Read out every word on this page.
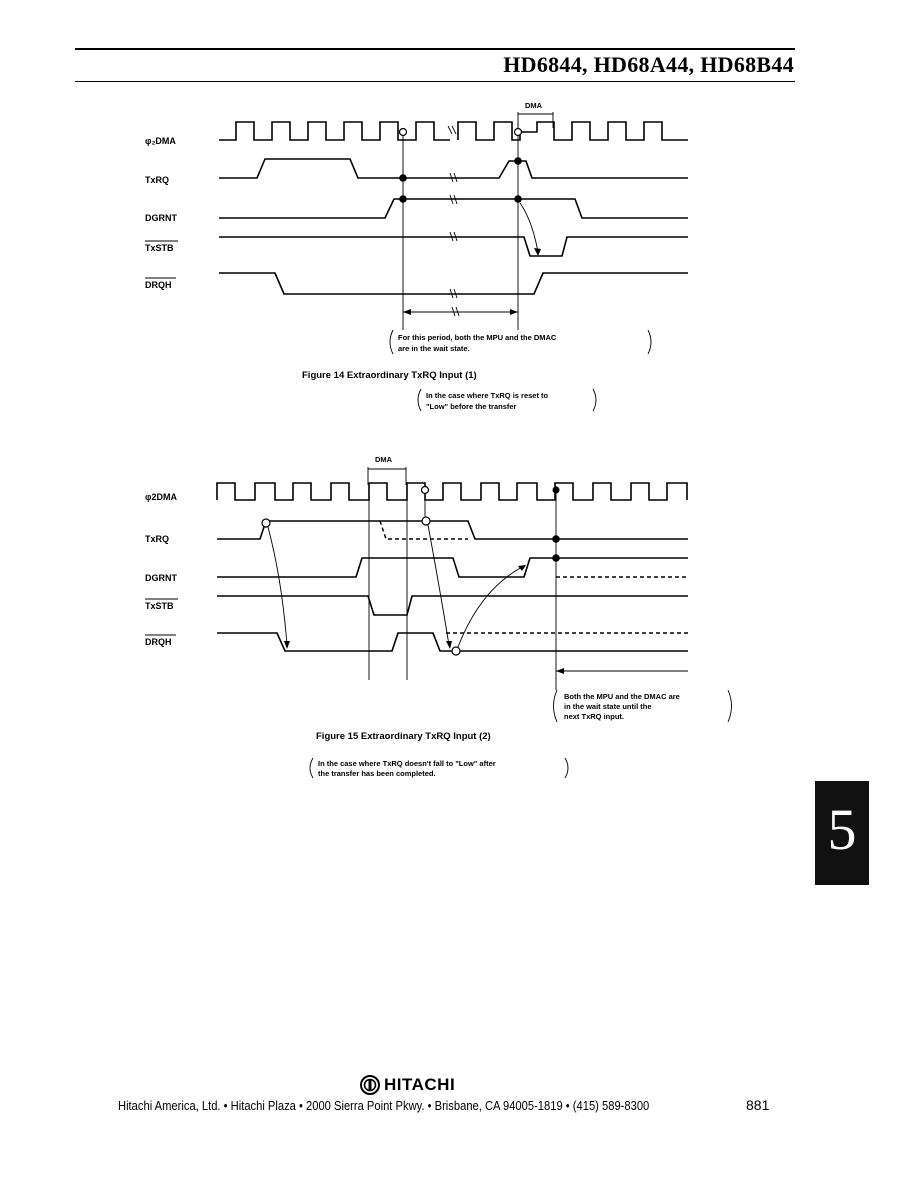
HD6844, HD68A44, HD68B44
φ₂DMA
TxRQ
DGRNT
TxSTB
DRQH
DMA
For this period, both the MPU and the DMAC
are in the wait state.
Figure 14 Extraordinary TxRQ Input (1)
In the case where TxRQ is reset to
"Low" before the transfer
φ2DMA
TxRQ
DGRNT
TxSTB
DRQH
DMA
Both the MPU and the DMAC are
in the wait state until the
next TxRQ input.
Figure 15 Extraordinary TxRQ Input (2)
In the case where TxRQ doesn't fall to "Low" after
the transfer has been completed.
5
HITACHI
Hitachi America, Ltd. • Hitachi Plaza • 2000 Sierra Point Pkwy. • Brisbane, CA 94005-1819 • (415) 589-8300	881
